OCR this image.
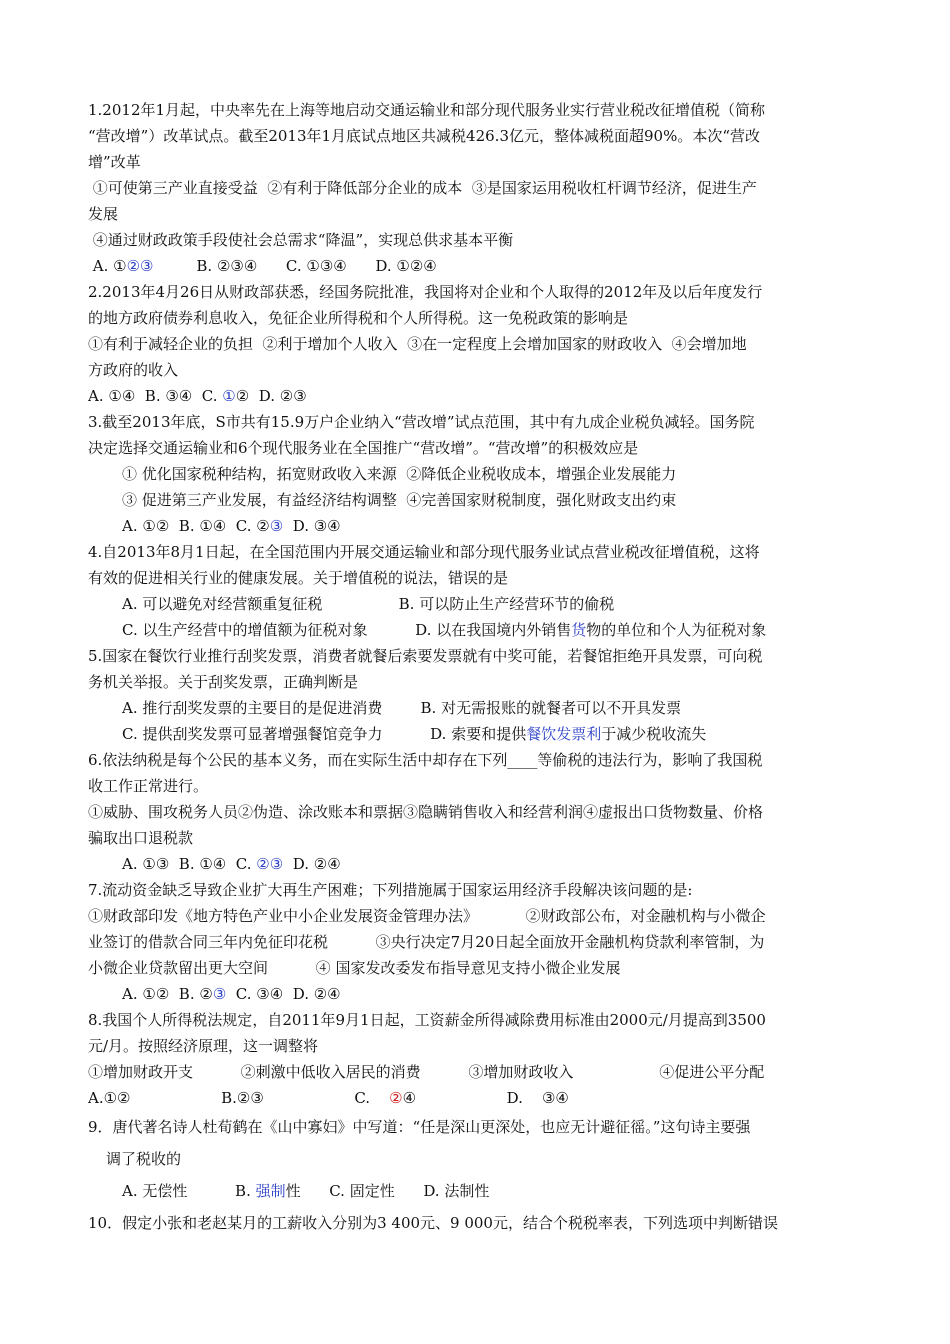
1.2012年1月起，中央率先在上海等地启动交通运输业和部分现代服务业实行营业税改征增值税（简称
“营改增”）改革试点。截至2013年1月底试点地区共减税426.3亿元，整体减税面超90%。本次“营改
增”改革
①可使第三产业直接受益  ②有利于降低部分企业的成本  ③是国家运用税收杠杆调节经济，促进生产
发展
④通过财政政策手段使社会总需求“降温”，实现总供求基本平衡
A. ①②③         B. ②③④      C. ①③④      D. ①②④
2.2013年4月26日从财政部获悉，经国务院批准，我国将对企业和个人取得的2012年及以后年度发行
的地方政府债券利息收入，免征企业所得税和个人所得税。这一免税政策的影响是
①有利于减轻企业的负担  ②利于增加个人收入  ③在一定程度上会增加国家的财政收入  ④会增加地
方政府的收入
A. ①④  B. ③④  C. ①②  D. ②③
3.截至2013年底，S市共有15.9万户企业纳入“营改增”试点范围，其中有九成企业税负减轻。国务院
决定选择交通运输业和6个现代服务业在全国推广“营改增”。“营改增”的积极效应是
① 优化国家税种结构，拓宽财政收入来源  ②降低企业税收成本，增强企业发展能力
③ 促进第三产业发展，有益经济结构调整  ④完善国家财税制度，强化财政支出约束
A. ①②  B. ①④  C. ②③  D. ③④
4.自2013年8月1日起，在全国范围内开展交通运输业和部分现代服务业试点营业税改征增值税，这将
有效的促进相关行业的健康发展。关于增值税的说法，错误的是
A. 可以避免对经营额重复征税                B. 可以防止生产经营环节的偷税
C. 以生产经营中的增值额为征税对象          D. 以在我国境内外销售货物的单位和个人为征税对象
5.国家在餐饮行业推行刮奖发票，消费者就餐后索要发票就有中奖可能，若餐馆拒绝开具发票，可向税
务机关举报。关于刮奖发票，正确判断是
A. 推行刮奖发票的主要目的是促进消费        B. 对无需报账的就餐者可以不开具发票
C. 提供刮奖发票可显著增强餐馆竞争力          D. 索要和提供餐饮发票利于减少税收流失
6.依法纳税是每个公民的基本义务，而在实际生活中却存在下列____等偷税的违法行为，影响了我国税
收工作正常进行。
①威胁、围攻税务人员②伪造、涂改账本和票据③隐瞒销售收入和经营利润④虚报出口货物数量、价格
骗取出口退税款
A. ①③  B. ①④  C. ②③  D. ②④
7.流动资金缺乏导致企业扩大再生产困难；下列措施属于国家运用经济手段解决该问题的是:
①财政部印发《地方特色产业中小企业发展资金管理办法》          ②财政部公布，对金融机构与小微企
业签订的借款合同三年内免征印花税          ③央行决定7月20日起全面放开金融机构贷款利率管制，为
小微企业贷款留出更大空间          ④ 国家发改委发布指导意见支持小微企业发展
A. ①②  B. ②③  C. ③④  D. ②④
8.我国个人所得税法规定，自2011年9月1日起，工资薪金所得减除费用标准由2000元/月提高到3500
元/月。按照经济原理，这一调整将
①增加财政开支          ②刺激中低收入居民的消费          ③增加财政收入                  ④促进公平分配
A.①②                   B.②③                   C.    ②④                   D.    ③④
9．唐代著名诗人杜荀鹤在《山中寡妇》中写道：“任是深山更深处，也应无计避征徭。”这句诗主要强
调了税收的
A. 无偿性          B. 强制性      C. 固定性      D. 法制性
10．假定小张和老赵某月的工薪收入分别为3 400元、9 000元，结合个税税率表，下列选项中判断错误
